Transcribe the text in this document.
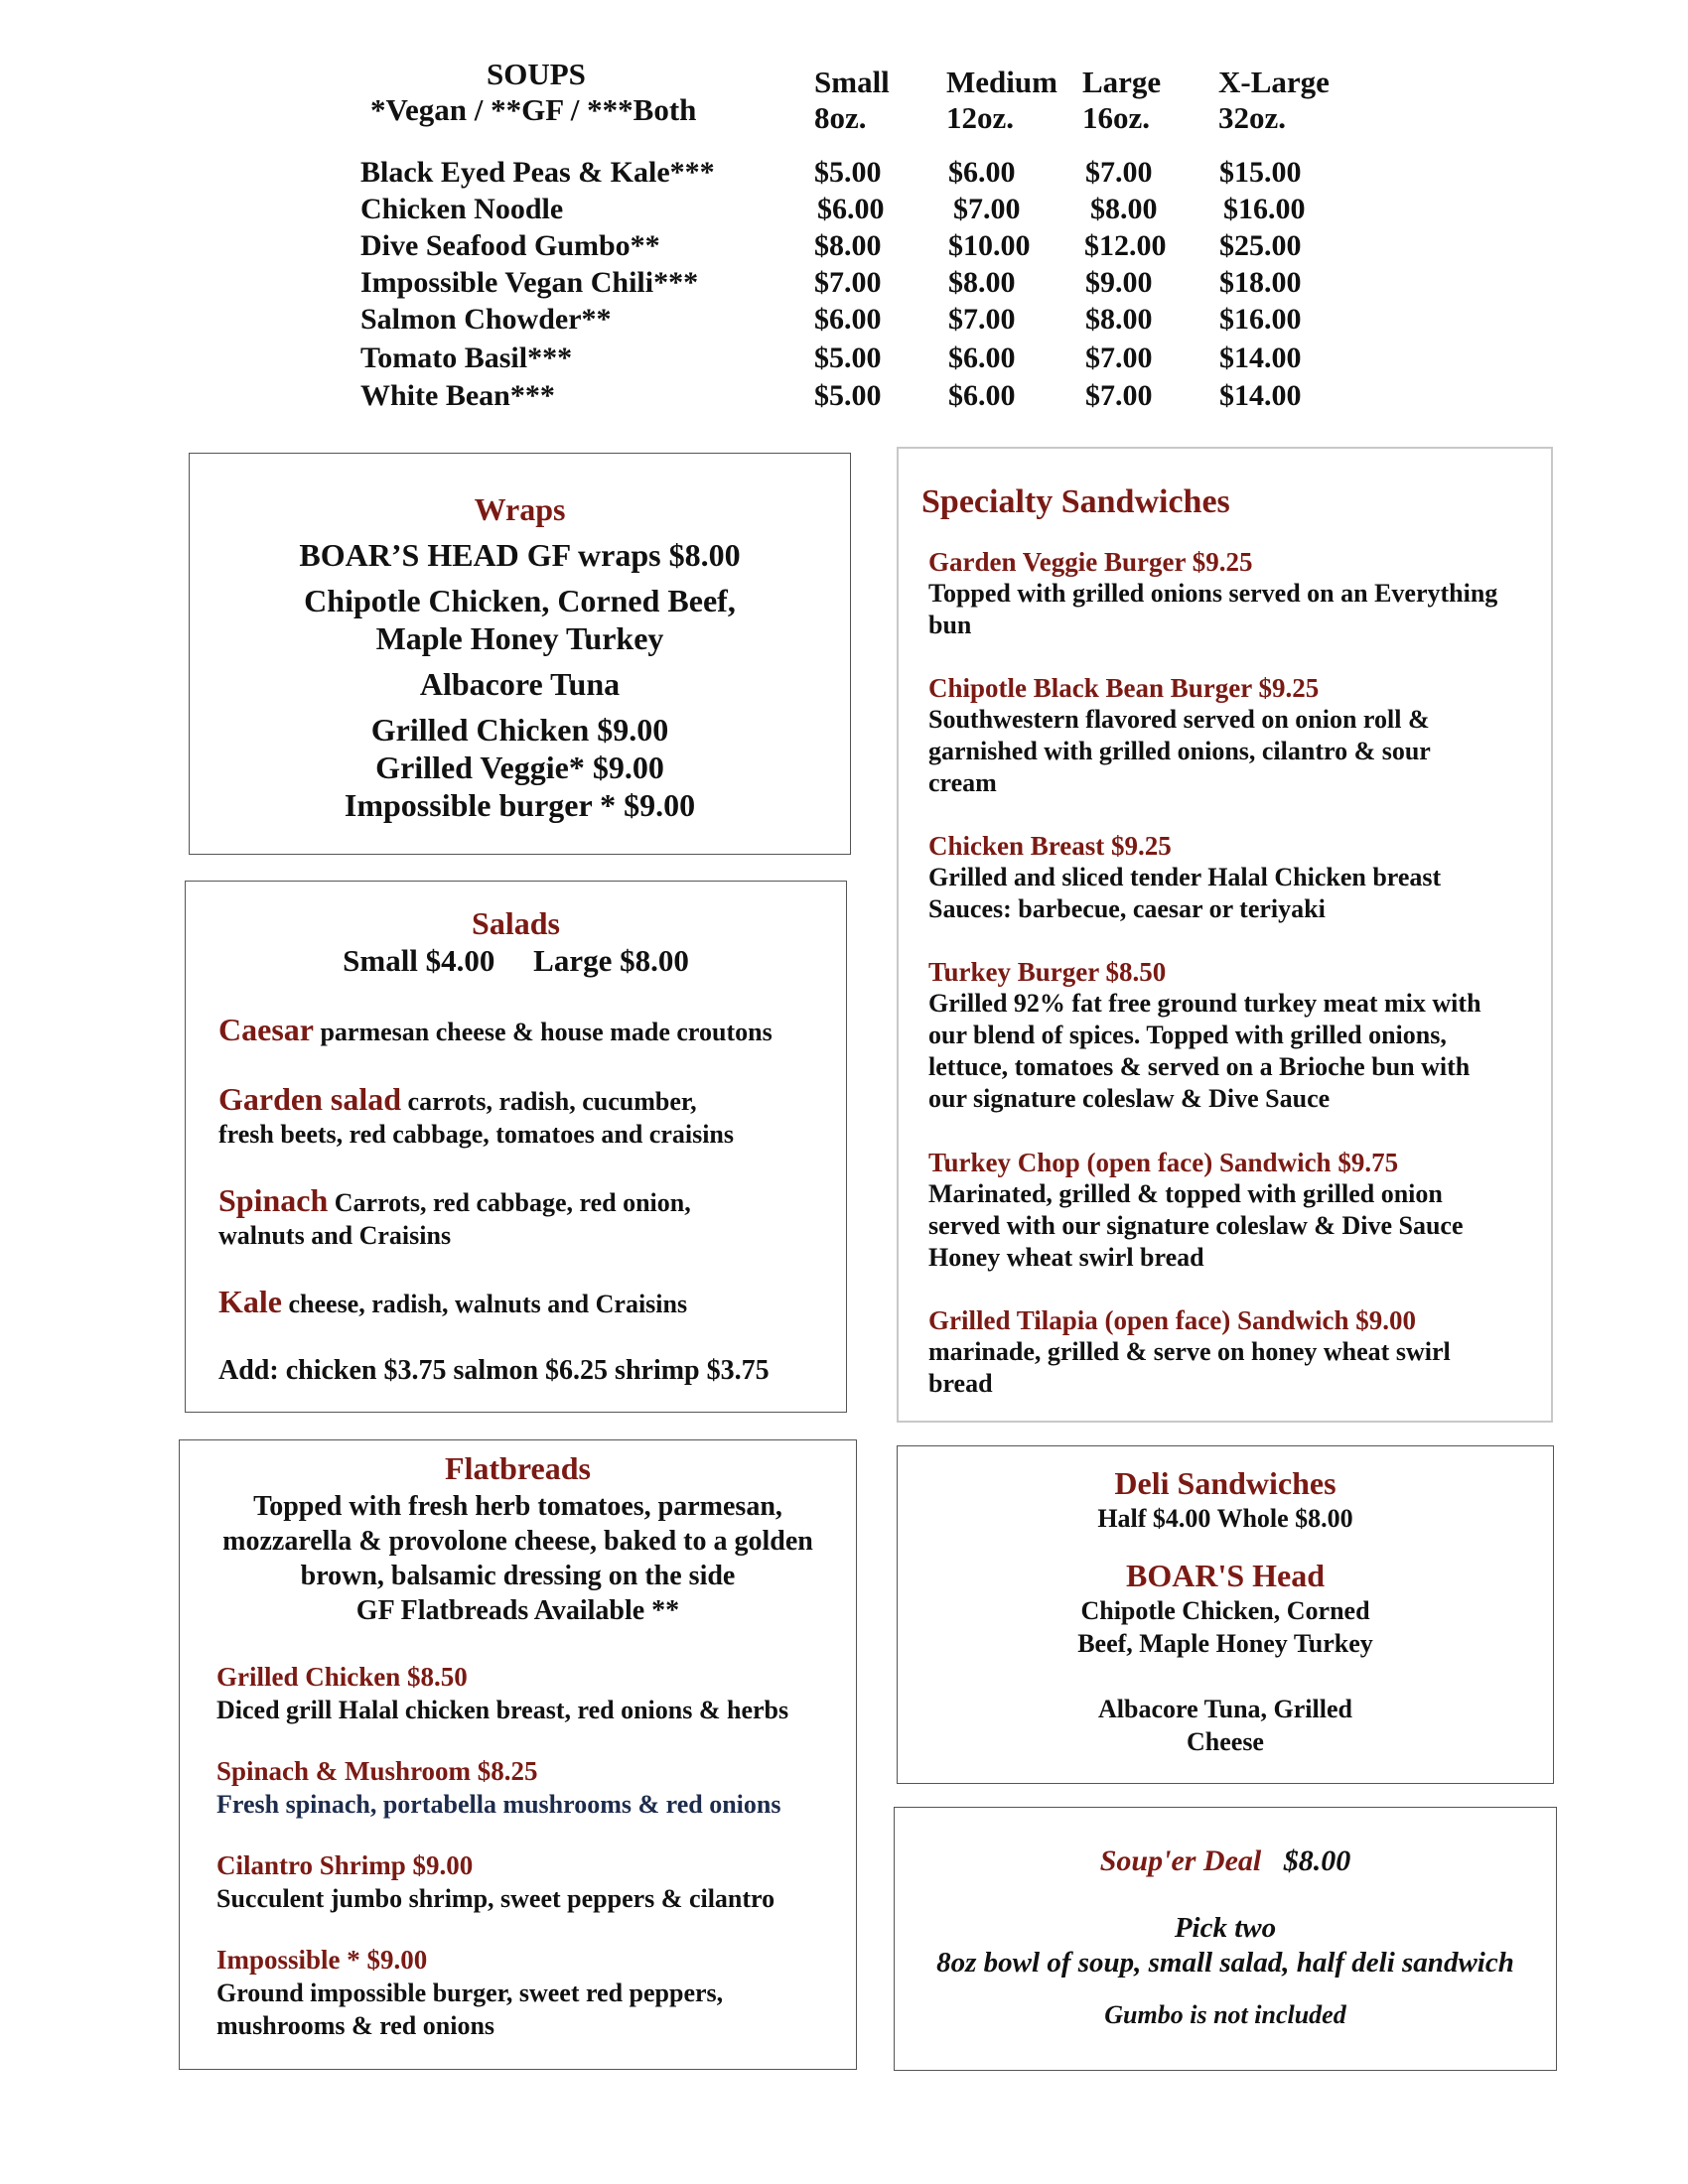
SOUPS
*Vegan / **GF / ***Both
Small
8oz.
Medium
12oz.
Large
16oz.
X-Large
32oz.
Black Eyed Peas & Kale***	$5.00 $6.00 $7.00 $15.00
Chicken Noodle	$6.00 $7.00 $8.00 $16.00
Dive Seafood Gumbo**	$8.00 $10.00 $12.00 $25.00
Impossible Vegan Chili***	$7.00 $8.00 $9.00 $18.00
Salmon Chowder**	$6.00 $7.00 $8.00 $16.00
Tomato Basil***	$5.00 $6.00 $7.00 $14.00
White Bean***	$5.00 $6.00 $7.00 $14.00
Wraps
BOAR’S HEAD GF wraps $8.00
Chipotle Chicken, Corned Beef,
Maple Honey Turkey
Albacore Tuna
Grilled Chicken $9.00
Grilled Veggie* $9.00
Impossible burger * $9.00
Specialty Sandwiches
Garden Veggie Burger $9.25
Topped with grilled onions served on an Everything
bun
Chipotle Black Bean Burger $9.25
Southwestern flavored served on onion roll &
garnished with grilled onions, cilantro & sour
cream
Chicken Breast $9.25
Grilled and sliced tender Halal Chicken breast
Sauces: barbecue, caesar or teriyaki
Turkey Burger $8.50
Grilled 92% fat free ground turkey meat mix with
our blend of spices. Topped with grilled onions,
lettuce, tomatoes & served on a Brioche bun with
our signature coleslaw & Dive Sauce
Turkey Chop (open face) Sandwich $9.75
Marinated, grilled & topped with grilled onion
served with our signature coleslaw & Dive Sauce
Honey wheat swirl bread
Grilled Tilapia (open face) Sandwich $9.00
marinade, grilled & serve on honey wheat swirl
bread
Salads
Small $4.00 Large $8.00
Caesar parmesan cheese & house made croutons
Garden salad carrots, radish, cucumber,
fresh beets, red cabbage, tomatoes and craisins
Spinach Carrots, red cabbage, red onion,
walnuts and Craisins
Kale cheese, radish, walnuts and Craisins
Add: chicken $3.75 salmon $6.25 shrimp $3.75
Flatbreads
Topped with fresh herb tomatoes, parmesan,
mozzarella & provolone cheese, baked to a golden
brown, balsamic dressing on the side
GF Flatbreads Available **
Grilled Chicken $8.50
Diced grill Halal chicken breast, red onions & herbs
Spinach & Mushroom $8.25
Fresh spinach, portabella mushrooms & red onions
Cilantro Shrimp $9.00
Succulent jumbo shrimp, sweet peppers & cilantro
Impossible * $9.00
Ground impossible burger, sweet red peppers,
mushrooms & red onions
Deli Sandwiches
Half $4.00 Whole $8.00
BOAR'S Head
Chipotle Chicken, Corned
Beef, Maple Honey Turkey
Albacore Tuna, Grilled
Cheese
Soup'er Deal $8.00
Pick two
8oz bowl of soup, small salad, half deli sandwich
Gumbo is not included
